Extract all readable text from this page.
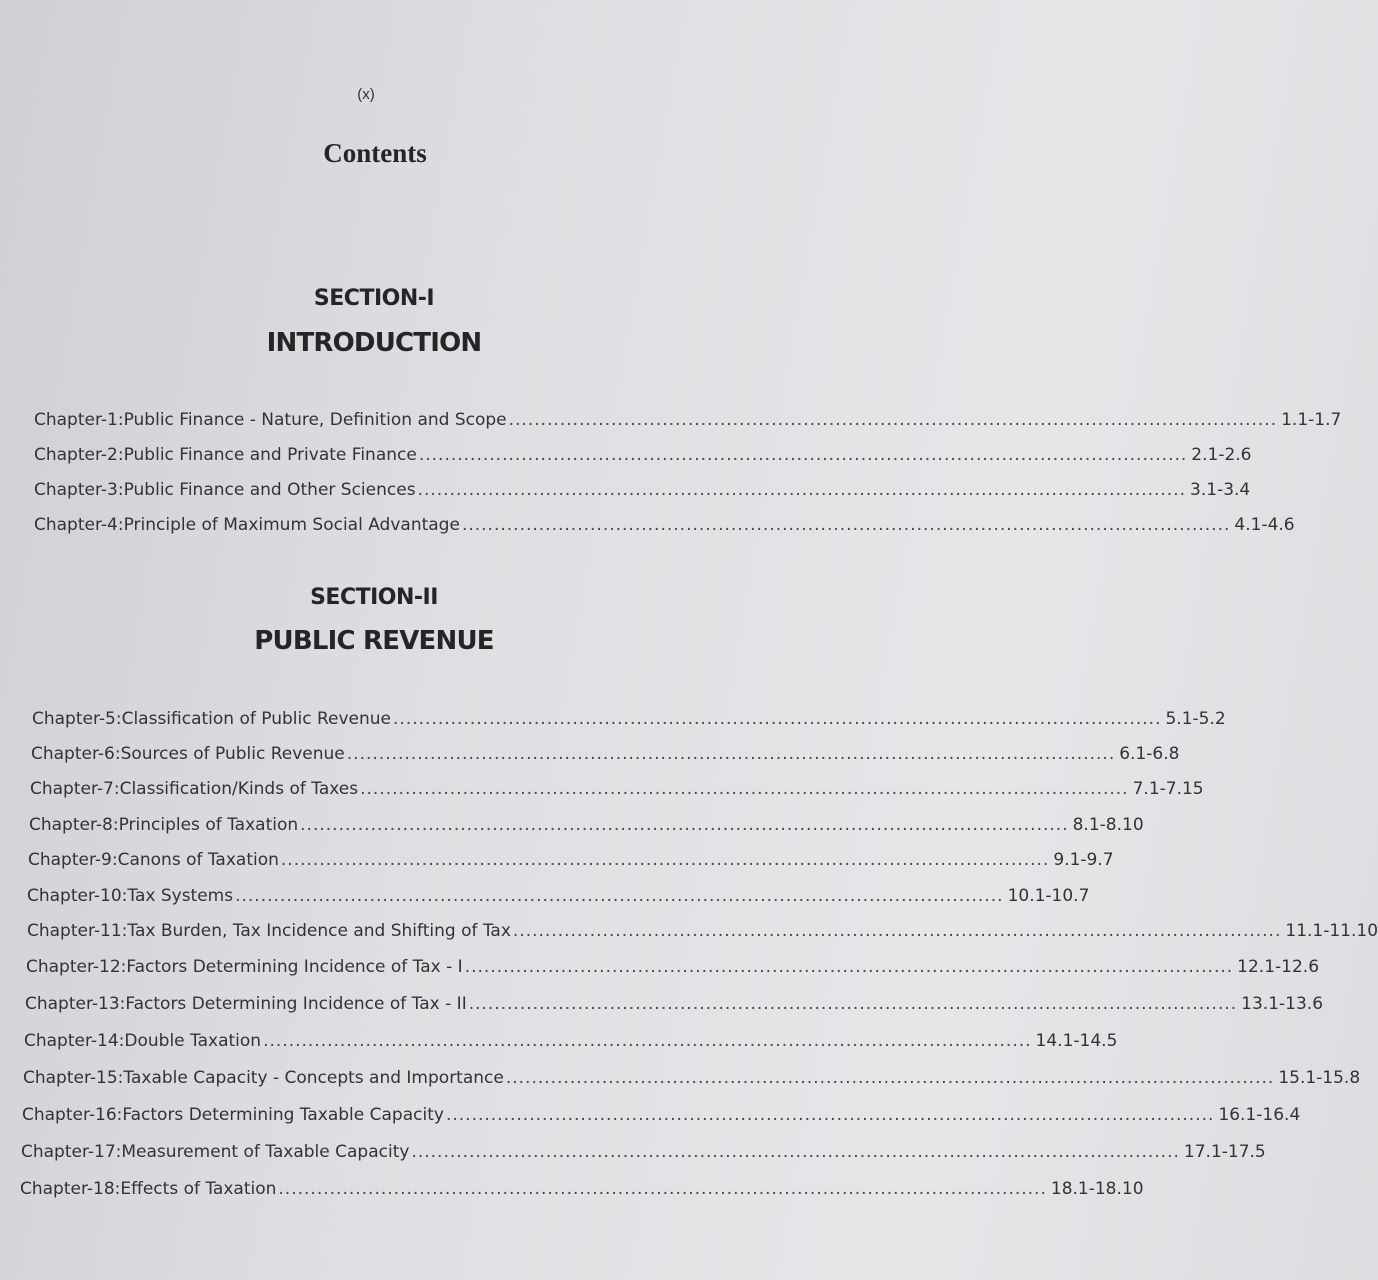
(x)
Contents
SECTION-I
INTRODUCTION
SECTION-II
PUBLIC REVENUE
Chapter-1 : Public Finance - Nature, Definition and Scope ........................................................................................................................ 1.1-1.7
Chapter-2 : Public Finance and Private Finance ........................................................................................................................ 2.1-2.6
Chapter-3 : Public Finance and Other Sciences ........................................................................................................................ 3.1-3.4
Chapter-4 : Principle of Maximum Social Advantage ........................................................................................................................ 4.1-4.6
Chapter-5 : Classification of Public Revenue ........................................................................................................................ 5.1-5.2
Chapter-6 : Sources of Public Revenue ........................................................................................................................ 6.1-6.8
Chapter-7 : Classification/Kinds of Taxes ........................................................................................................................ 7.1-7.15
Chapter-8 : Principles of Taxation ........................................................................................................................ 8.1-8.10
Chapter-9 : Canons of Taxation ........................................................................................................................ 9.1-9.7
Chapter-10 : Tax Systems ........................................................................................................................ 10.1-10.7
Chapter-11 : Tax Burden, Tax Incidence and Shifting of Tax ........................................................................................................................ 11.1-11.10
Chapter-12 : Factors Determining Incidence of Tax - I ........................................................................................................................ 12.1-12.6
Chapter-13 : Factors Determining Incidence of Tax - II ........................................................................................................................ 13.1-13.6
Chapter-14 : Double Taxation ........................................................................................................................ 14.1-14.5
Chapter-15 : Taxable Capacity - Concepts and Importance ........................................................................................................................ 15.1-15.8
Chapter-16 : Factors Determining Taxable Capacity ........................................................................................................................ 16.1-16.4
Chapter-17 : Measurement of Taxable Capacity ........................................................................................................................ 17.1-17.5
Chapter-18 : Effects of Taxation ........................................................................................................................ 18.1-18.10
